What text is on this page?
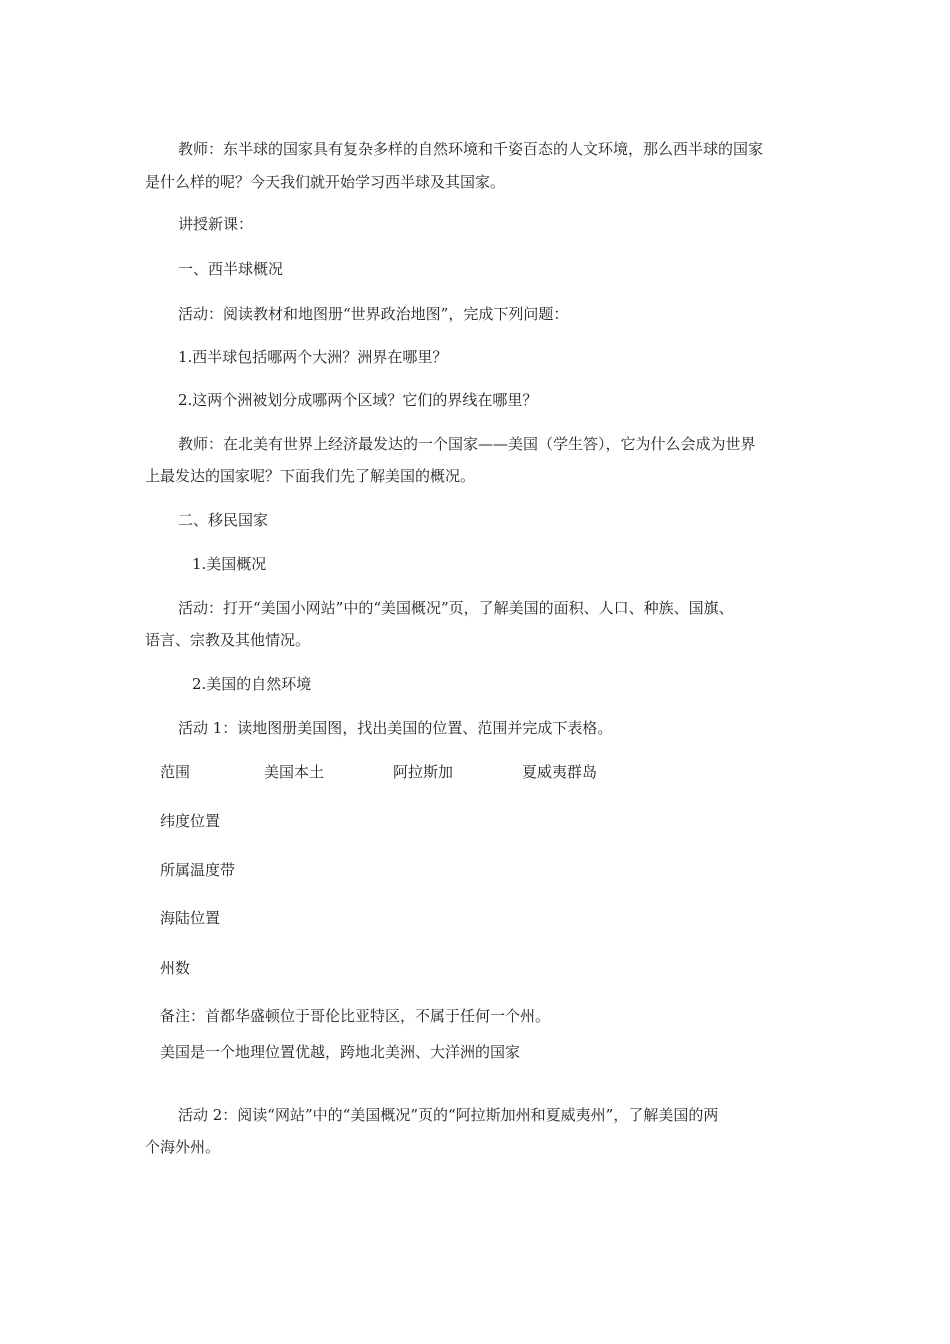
教师：东半球的国家具有复杂多样的自然环境和千姿百态的人文环境，那么西半球的国家
是什么样的呢？今天我们就开始学习西半球及其国家。
讲授新课：
一、西半球概况
活动：阅读教材和地图册“世界政治地图”，完成下列问题：
1.西半球包括哪两个大洲？洲界在哪里？
2.这两个洲被划分成哪两个区域？它们的界线在哪里？
教师：在北美有世界上经济最发达的一个国家——美国（学生答），它为什么会成为世界
上最发达的国家呢？下面我们先了解美国的概况。
二、移民国家
1.美国概况
活动：打开“美国小网站”中的“美国概况”页，了解美国的面积、人口、种族、国旗、
语言、宗教及其他情况。
2.美国的自然环境
活动 1：读地图册美国图，找出美国的位置、范围并完成下表格。
范围	美国本土	阿拉斯加	夏威夷群岛
纬度位置
所属温度带
海陆位置
州数
备注：首都华盛顿位于哥伦比亚特区，不属于任何一个州。
美国是一个地理位置优越，跨地北美洲、大洋洲的国家
活动 2：阅读“网站”中的“美国概况”页的“阿拉斯加州和夏威夷州”，了解美国的两
个海外州。
